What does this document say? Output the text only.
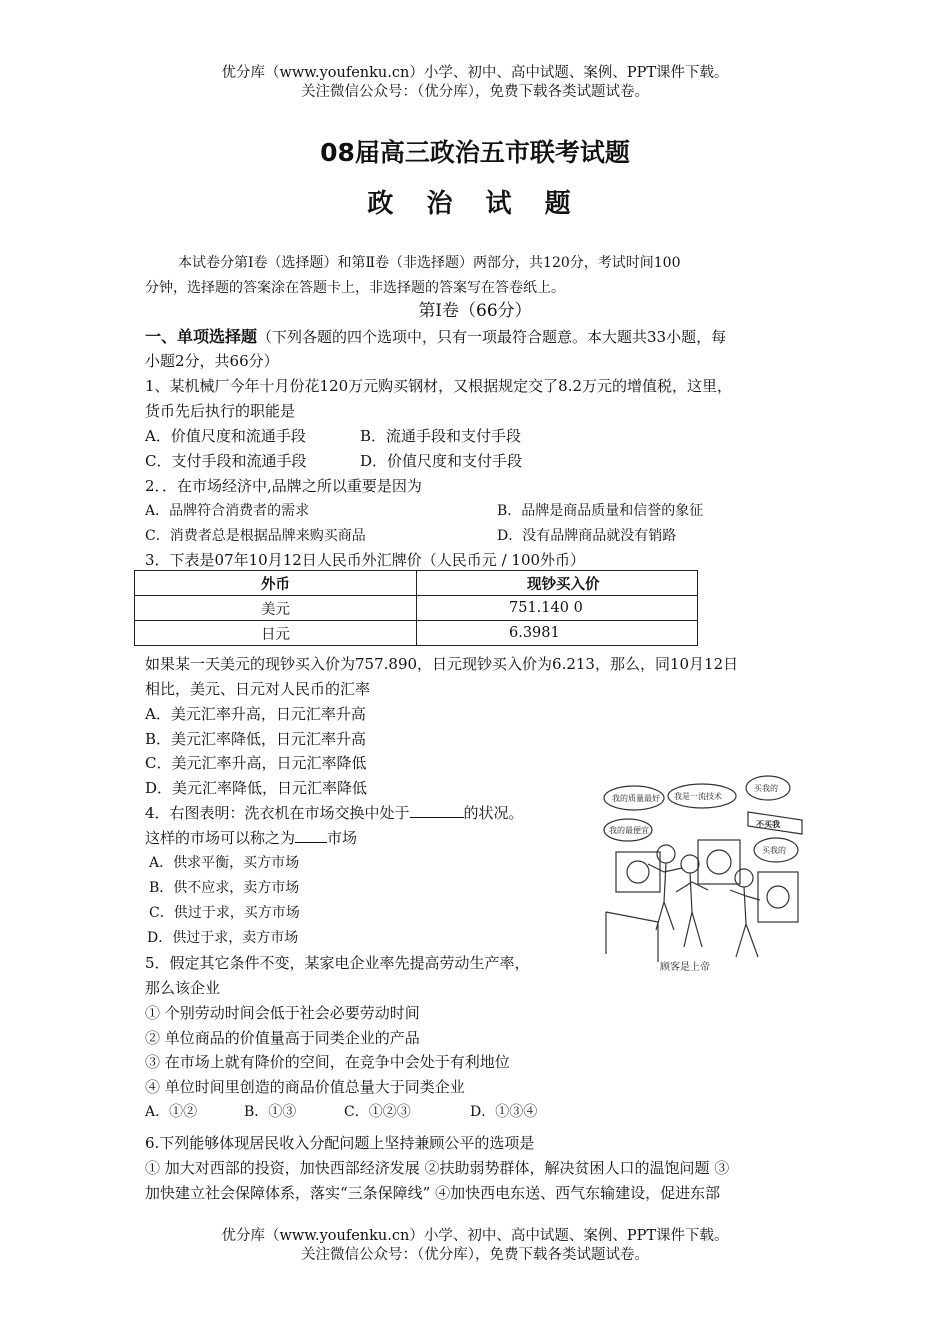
优分库（www.youfenku.cn）小学、初中、高中试题、案例、PPT课件下载。
关注微信公众号：（优分库），免费下载各类试题试卷。
08届高三政治五市联考试题
政 治 试 题
本试卷分第Ⅰ卷（选择题）和第Ⅱ卷（非选择题）两部分，共120分，考试时间100
分钟，选择题的答案涂在答题卡上，非选择题的答案写在答卷纸上。
第Ⅰ卷（66分）
一、单项选择题（下列各题的四个选项中，只有一项最符合题意。本大题共33小题，每
小题2分，共66分）
1、某机械厂今年十月份花120万元购买钢材，又根据规定交了8.2万元的增值税，这里，
货币先后执行的职能是
A．价值尺度和流通手段	B．流通手段和支付手段
C．支付手段和流通手段	D．价值尺度和支付手段
2．．在市场经济中,品牌之所以重要是因为
A．品牌符合消费者的需求	B．品牌是商品质量和信誉的象征
C．消费者总是根据品牌来购买商品	D．没有品牌商品就没有销路
3．下表是07年10月12日人民币外汇牌价（人民币元 / 100外币）
外币	现钞买入价
美元	751.140 0
日元	6.3981
如果某一天美元的现钞买入价为757.890，日元现钞买入价为6.213，那么，同10月12日
相比，美元、日元对人民币的汇率
A．美元汇率升高，日元汇率升高
B．美元汇率降低，日元汇率升高
C．美元汇率升高，日元汇率降低
D．美元汇率降低，日元汇率降低
4．右图表明：洗衣机在市场交换中处于	的状况。
这样的市场可以称之为 市场
A．供求平衡，买方市场
B．供不应求，卖方市场
C．供过于求，买方市场
D．供过于求，卖方市场
我的质量最好 我是一流技术
买我的
我的最便宜
买我的
不买我
顾客是上帝
5．假定其它条件不变，某家电企业率先提高劳动生产率，
那么该企业
① 个别劳动时间会低于社会必要劳动时间
② 单位商品的价值量高于同类企业的产品
③ 在市场上就有降价的空间，在竞争中会处于有利地位
④ 单位时间里创造的商品价值总量大于同类企业
A．①②	B．①③	C．①②③	D．①③④
6.下列能够体现居民收入分配问题上坚持兼顾公平的选项是
① 加大对西部的投资，加快西部经济发展 ②扶助弱势群体，解决贫困人口的温饱问题 ③
加快建立社会保障体系，落实“三条保障线” ④加快西电东送、西气东输建设，促进东部
优分库（www.youfenku.cn）小学、初中、高中试题、案例、PPT课件下载。
关注微信公众号：（优分库），免费下载各类试题试卷。
